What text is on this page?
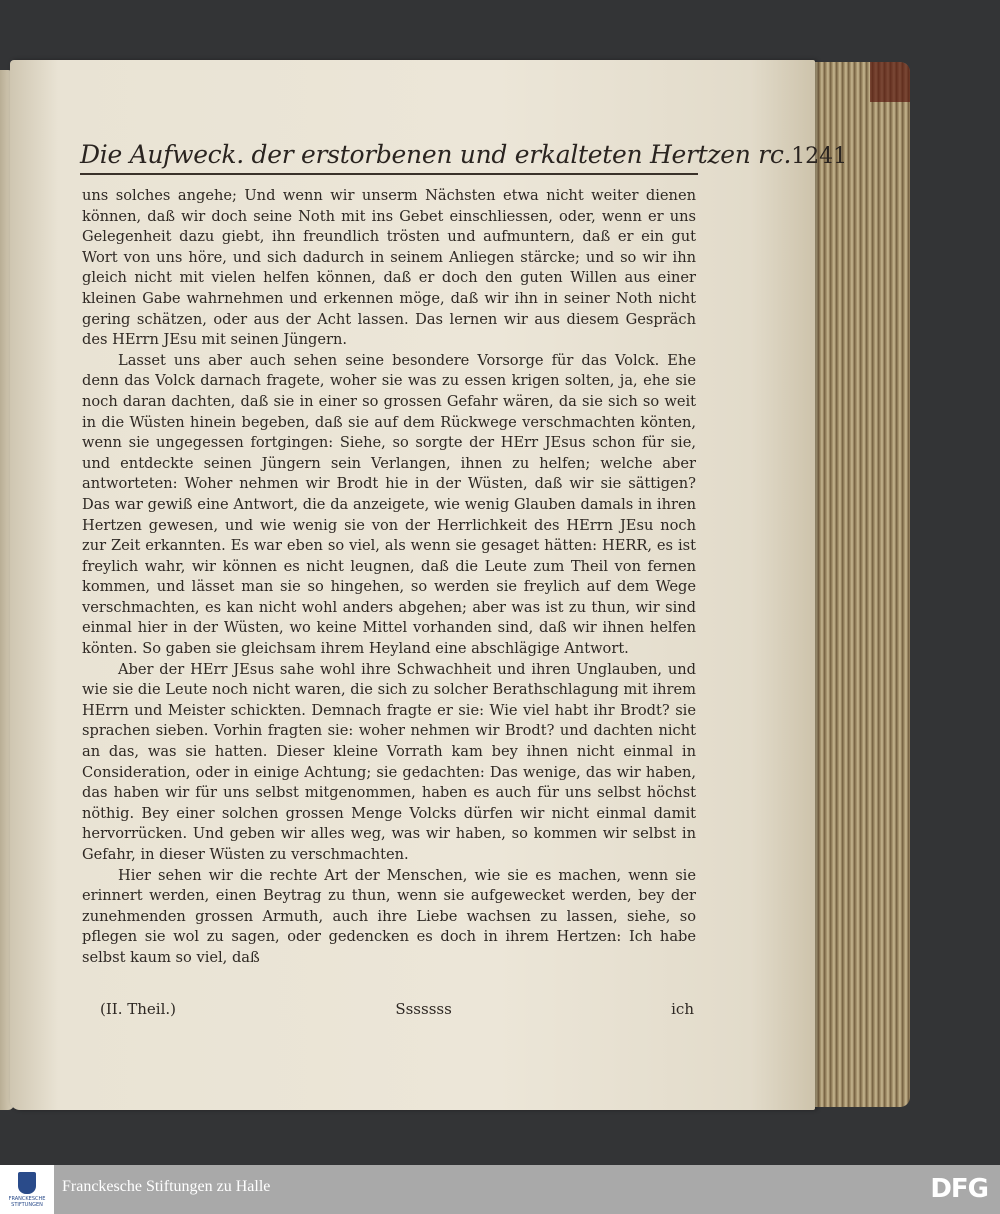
Die Aufweck. der erstorbenen und erkalteten Hertzen rc. 1241

uns solches angehe; Und wenn wir unserm Nächsten etwa nicht weiter dienen können, daß wir doch seine Noth mit ins Gebet einschliessen, oder, wenn er uns Gelegenheit dazu giebt, ihn freundlich trösten und aufmuntern, daß er ein gut Wort von uns höre, und sich dadurch in seinem Anliegen stärcke; und so wir ihn gleich nicht mit vielen helfen können, daß er doch den guten Willen aus einer kleinen Gabe wahrnehmen und erkennen möge, daß wir ihn in seiner Noth nicht gering schätzen, oder aus der Acht lassen. Das lernen wir aus diesem Gespräch des HErrn JEsu mit seinen Jüngern.

Lasset uns aber auch sehen seine besondere Vorsorge für das Volck. Ehe denn das Volck darnach fragete, woher sie was zu essen krigen solten, ja, ehe sie noch daran dachten, daß sie in einer so grossen Gefahr wären, da sie sich so weit in die Wüsten hinein begeben, daß sie auf dem Rückwege verschmachten könten, wenn sie ungegessen fortgingen: Siehe, so sorgte der HErr JEsus schon für sie, und entdeckte seinen Jüngern sein Verlangen, ihnen zu helfen; welche aber antworteten: Woher nehmen wir Brodt hie in der Wüsten, daß wir sie sättigen? Das war gewiß eine Antwort, die da anzeigete, wie wenig Glauben damals in ihren Hertzen gewesen, und wie wenig sie von der Herrlichkeit des HErrn JEsu noch zur Zeit erkannten. Es war eben so viel, als wenn sie gesaget hätten: HERR, es ist freylich wahr, wir können es nicht leugnen, daß die Leute zum Theil von fernen kommen, und lässet man sie so hingehen, so werden sie freylich auf dem Wege verschmachten, es kan nicht wohl anders abgehen; aber was ist zu thun, wir sind einmal hier in der Wüsten, wo keine Mittel vorhanden sind, daß wir ihnen helfen könten. So gaben sie gleichsam ihrem Heyland eine abschlägige Antwort.

Aber der HErr JEsus sahe wohl ihre Schwachheit und ihren Unglauben, und wie sie die Leute noch nicht waren, die sich zu solcher Berathschlagung mit ihrem HErrn und Meister schickten. Demnach fragte er sie: Wie viel habt ihr Brodt? sie sprachen sieben. Vorhin fragten sie: woher nehmen wir Brodt? und dachten nicht an das, was sie hatten. Dieser kleine Vorrath kam bey ihnen nicht einmal in Consideration, oder in einige Achtung; sie gedachten: Das wenige, das wir haben, das haben wir für uns selbst mitgenommen, haben es auch für uns selbst höchst nöthig. Bey einer solchen grossen Menge Volcks dürfen wir nicht einmal damit hervorrücken. Und geben wir alles weg, was wir haben, so kommen wir selbst in Gefahr, in dieser Wüsten zu verschmachten.

Hier sehen wir die rechte Art der Menschen, wie sie es machen, wenn sie erinnert werden, einen Beytrag zu thun, wenn sie aufgewecket werden, bey der zunehmenden grossen Armuth, auch ihre Liebe wachsen zu lassen, siehe, so pflegen sie wol zu sagen, oder gedencken es doch in ihrem Hertzen: Ich habe selbst kaum so viel, daß

(II. Theil.)	Sssssss	ich
FRANCKESCHE STIFTUNGEN
Franckesche Stiftungen zu Halle	DFG
